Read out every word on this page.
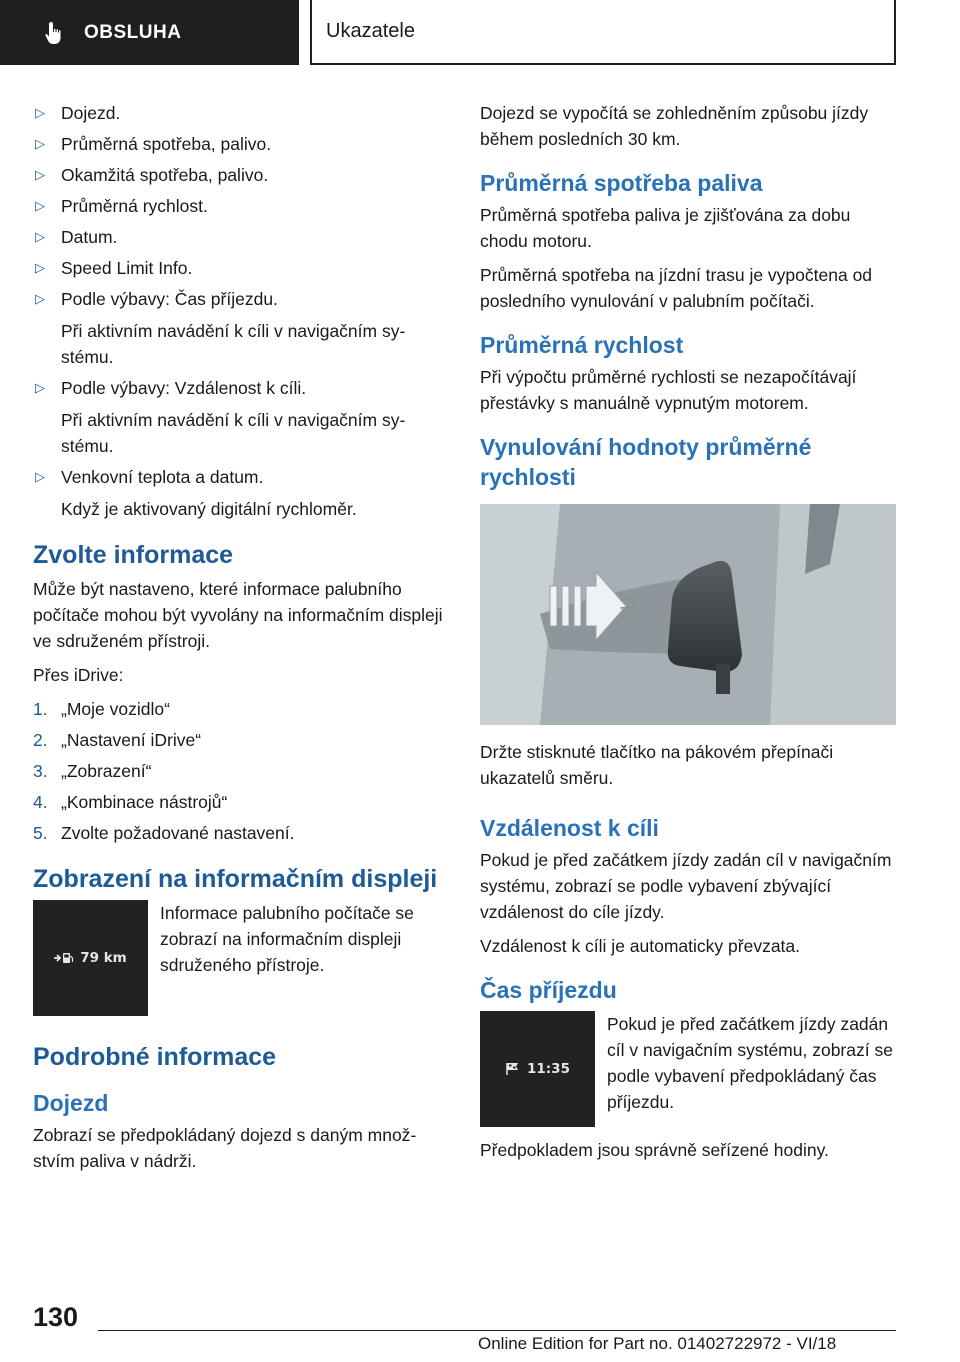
OBSLUHA	Ukazatele
▷ Dojezd.
▷ Průměrná spotřeba, palivo.
▷ Okamžitá spotřeba, palivo.
▷ Průměrná rychlost.
▷ Datum.
▷ Speed Limit Info.
▷ Podle výbavy: Čas příjezdu.
Při aktivním navádění k cíli v navigačním systému.
▷ Podle výbavy: Vzdálenost k cíli.
Při aktivním navádění k cíli v navigačním systému.
▷ Venkovní teplota a datum.
Když je aktivovaný digitální rychloměr.
Zvolte informace

Může být nastaveno, které informace palubního počítače mohou být vyvolány na informačním displeji ve sdruženém přístroji.

Přes iDrive:

1. „Moje vozidlo“
2. „Nastavení iDrive“
3. „Zobrazení“
4. „Kombinace nástrojů“
5. Zvolte požadované nastavení.
Zobrazení na informačním displeji
79 km
Informace palubního počítače se zobrazí na informačním displeji sdruženého přístroje.
Podrobné informace
Dojezd

Zobrazí se předpokládaný dojezd s daným množstvím paliva v nádrži.

Dojezd se vypočítá se zohledněním způsobu jízdy během posledních 30 km.

Průměrná spotřeba paliva

Průměrná spotřeba paliva je zjišťována za dobu chodu motoru.

Průměrná spotřeba na jízdní trasu je vypočtena od posledního vynulování v palubním počítači.

Průměrná rychlost

Při výpočtu průměrné rychlosti se nezapočítávají přestávky s manuálně vypnutým motorem.

Vynulování hodnoty průměrné rychlosti

Držte stisknuté tlačítko na pákovém přepínači ukazatelů směru.

Vzdálenost k cíli

Pokud je před začátkem jízdy zadán cíl v navigačním systému, zobrazí se podle vybavení zbývající vzdálenost do cíle jízdy.

Vzdálenost k cíli je automaticky převzata.

Čas příjezdu
11:35
Pokud je před začátkem jízdy zadán cíl v navigačním systému, zobrazí se podle vybavení předpokládaný čas příjezdu.

Předpokladem jsou správně seřízené hodiny.

130
Online Edition for Part no. 01402722972 - VI/18
